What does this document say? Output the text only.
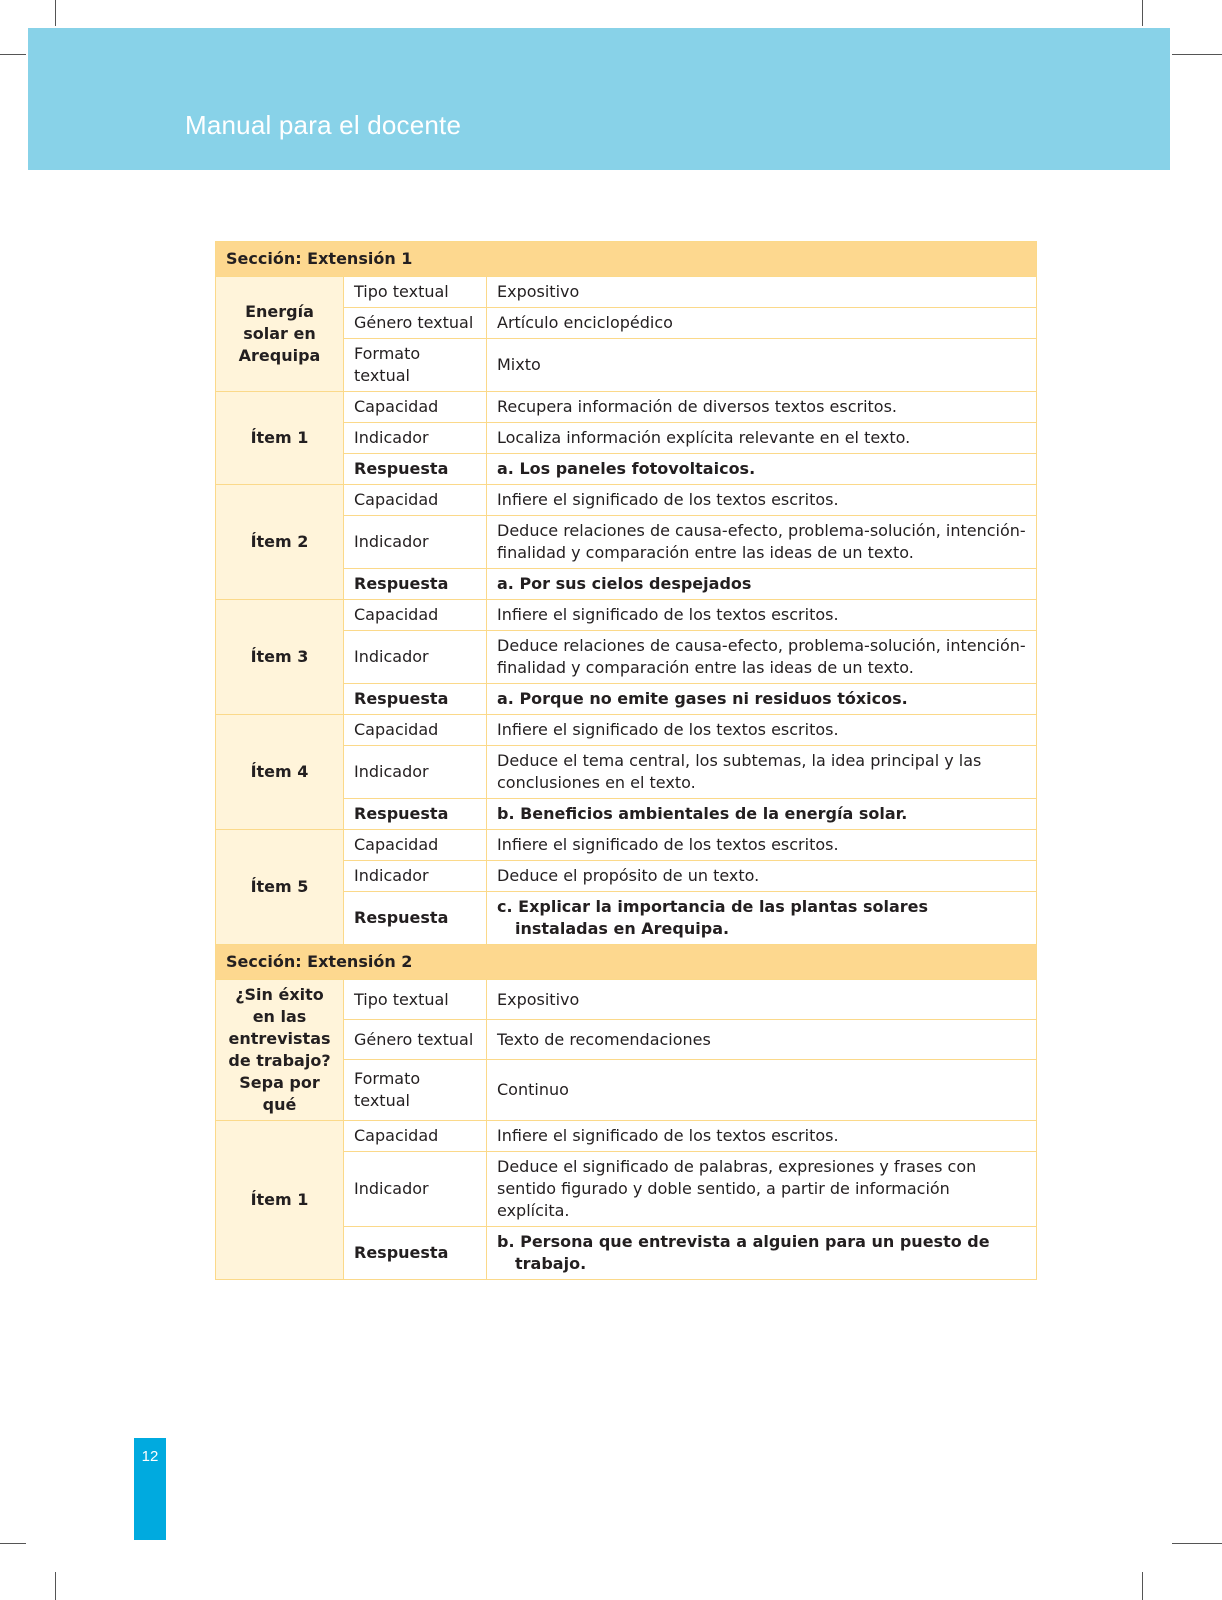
Manual para el docente
Sección: Extensión 1		
Energía solar en Arequipa	Tipo textual	Expositivo
	Género textual	Artículo enciclopédico
	Formato textual	Mixto
Ítem 1	Capacidad	Recupera información de diversos textos escritos.
	Indicador	Localiza información explícita relevante en el texto.
	Respuesta	a. Los paneles fotovoltaicos.

Ítem 2	Capacidad	Infiere el significado de los textos escritos.
	Indicador	Deduce relaciones de causa-efecto, problema-solución, intención-finalidad y comparación entre las ideas de un texto.
	Respuesta	a. Por sus cielos despejados

Ítem 3	Capacidad	Infiere el significado de los textos escritos.
	Indicador	Deduce relaciones de causa-efecto, problema-solución, intención-finalidad y comparación entre las ideas de un texto.
	Respuesta	a. Porque no emite gases ni residuos tóxicos.

Ítem 4	Capacidad	Infiere el significado de los textos escritos.
	Indicador	Deduce el tema central, los subtemas, la idea principal y las conclusiones en el texto.
	Respuesta	b. Beneficios ambientales de la energía solar.

Ítem 5	Capacidad	Infiere el significado de los textos escritos.
	Indicador	Deduce el propósito de un texto.
	Respuesta	c. Explicar la importancia de las plantas solares instaladas en Arequipa.

Sección: Extensión 2		
¿Sin éxito en las entrevistas de trabajo? Sepa por qué	Tipo textual	Expositivo
	Género textual	Texto de recomendaciones
	Formato textual	Continuo
Ítem 1	Capacidad	Infiere el significado de los textos escritos.
	Indicador	Deduce el significado de palabras, expresiones y frases con sentido figurado y doble sentido, a partir de información explícita.
	Respuesta	b. Persona que entrevista a alguien para un puesto de trabajo.
12
